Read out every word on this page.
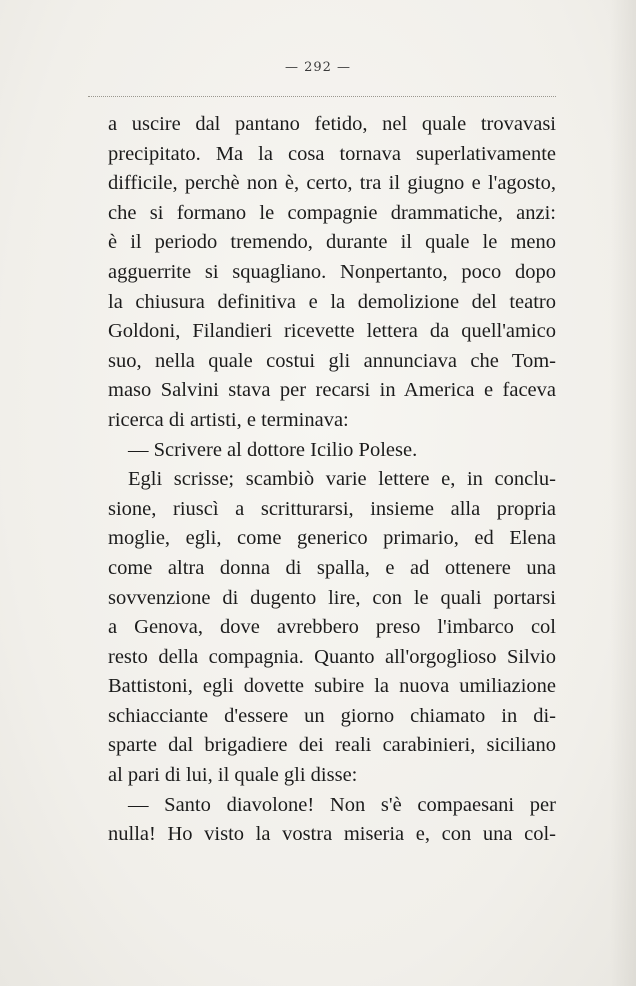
— 292 —
a uscire dal pantano fetido, nel quale trovavasi
precipitato. Ma la cosa tornava superlativamente
difficile, perchè non è, certo, tra il giugno e l'agosto,
che si formano le compagnie drammatiche, anzi:
è il periodo tremendo, durante il quale le meno
agguerrite si squagliano. Nonpertanto, poco dopo
la chiusura definitiva e la demolizione del teatro
Goldoni, Filandieri ricevette lettera da quell'amico
suo, nella quale costui gli annunciava che Tom-
maso Salvini stava per recarsi in America e faceva
ricerca di artisti, e terminava:
— Scrivere al dottore Icilio Polese.
Egli scrisse; scambiò varie lettere e, in conclu-
sione, riuscì a scritturarsi, insieme alla propria
moglie, egli, come generico primario, ed Elena
come altra donna di spalla, e ad ottenere una
sovvenzione di dugento lire, con le quali portarsi
a Genova, dove avrebbero preso l'imbarco col
resto della compagnia. Quanto all'orgoglioso Silvio
Battistoni, egli dovette subire la nuova umiliazione
schiacciante d'essere un giorno chiamato in di-
sparte dal brigadiere dei reali carabinieri, siciliano
al pari di lui, il quale gli disse:
— Santo diavolone! Non s'è compaesani per
nulla! Ho visto la vostra miseria e, con una col-
